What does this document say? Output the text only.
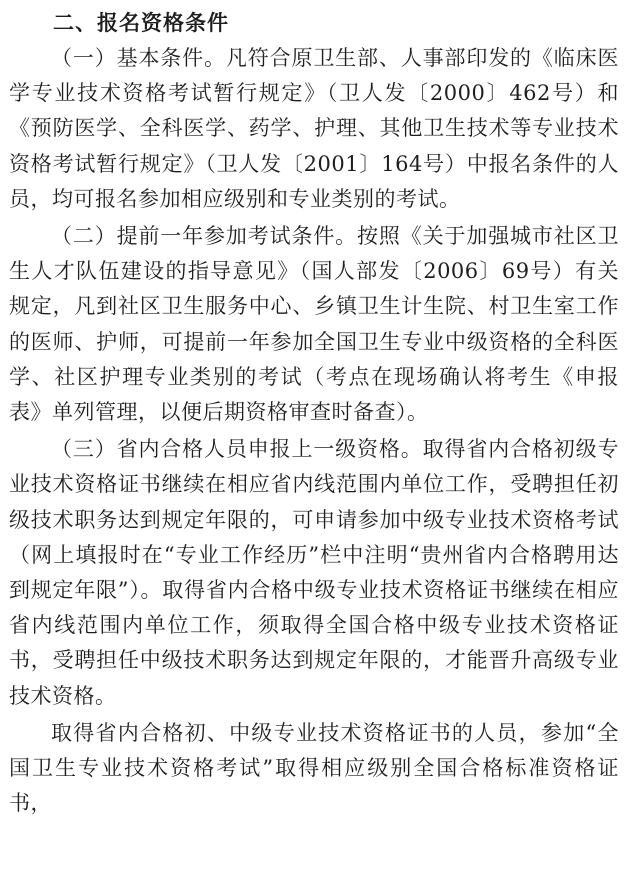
二、报名资格条件

（一）基本条件。凡符合原卫生部、人事部印发的《临床医学专业技术资格考试暂行规定》（卫人发〔2000〕462号）和《预防医学、全科医学、药学、护理、其他卫生技术等专业技术资格考试暂行规定》（卫人发〔2001〕164号）中报名条件的人员，均可报名参加相应级别和专业类别的考试。

（二）提前一年参加考试条件。按照《关于加强城市社区卫生人才队伍建设的指导意见》（国人部发〔2006〕69号）有关规定，凡到社区卫生服务中心、乡镇卫生计生院、村卫生室工作的医师、护师，可提前一年参加全国卫生专业中级资格的全科医学、社区护理专业类别的考试（考点在现场确认将考生《申报表》单列管理，以便后期资格审查时备查）。

（三）省内合格人员申报上一级资格。取得省内合格初级专业技术资格证书继续在相应省内线范围内单位工作，受聘担任初级技术职务达到规定年限的，可申请参加中级专业技术资格考试（网上填报时在“专业工作经历”栏中注明“贵州省内合格聘用达到规定年限”）。取得省内合格中级专业技术资格证书继续在相应省内线范围内单位工作，须取得全国合格中级专业技术资格证书，受聘担任中级技术职务达到规定年限的，才能晋升高级专业技术资格。

取得省内合格初、中级专业技术资格证书的人员，参加“全国卫生专业技术资格考试”取得相应级别全国合格标准资格证书，
